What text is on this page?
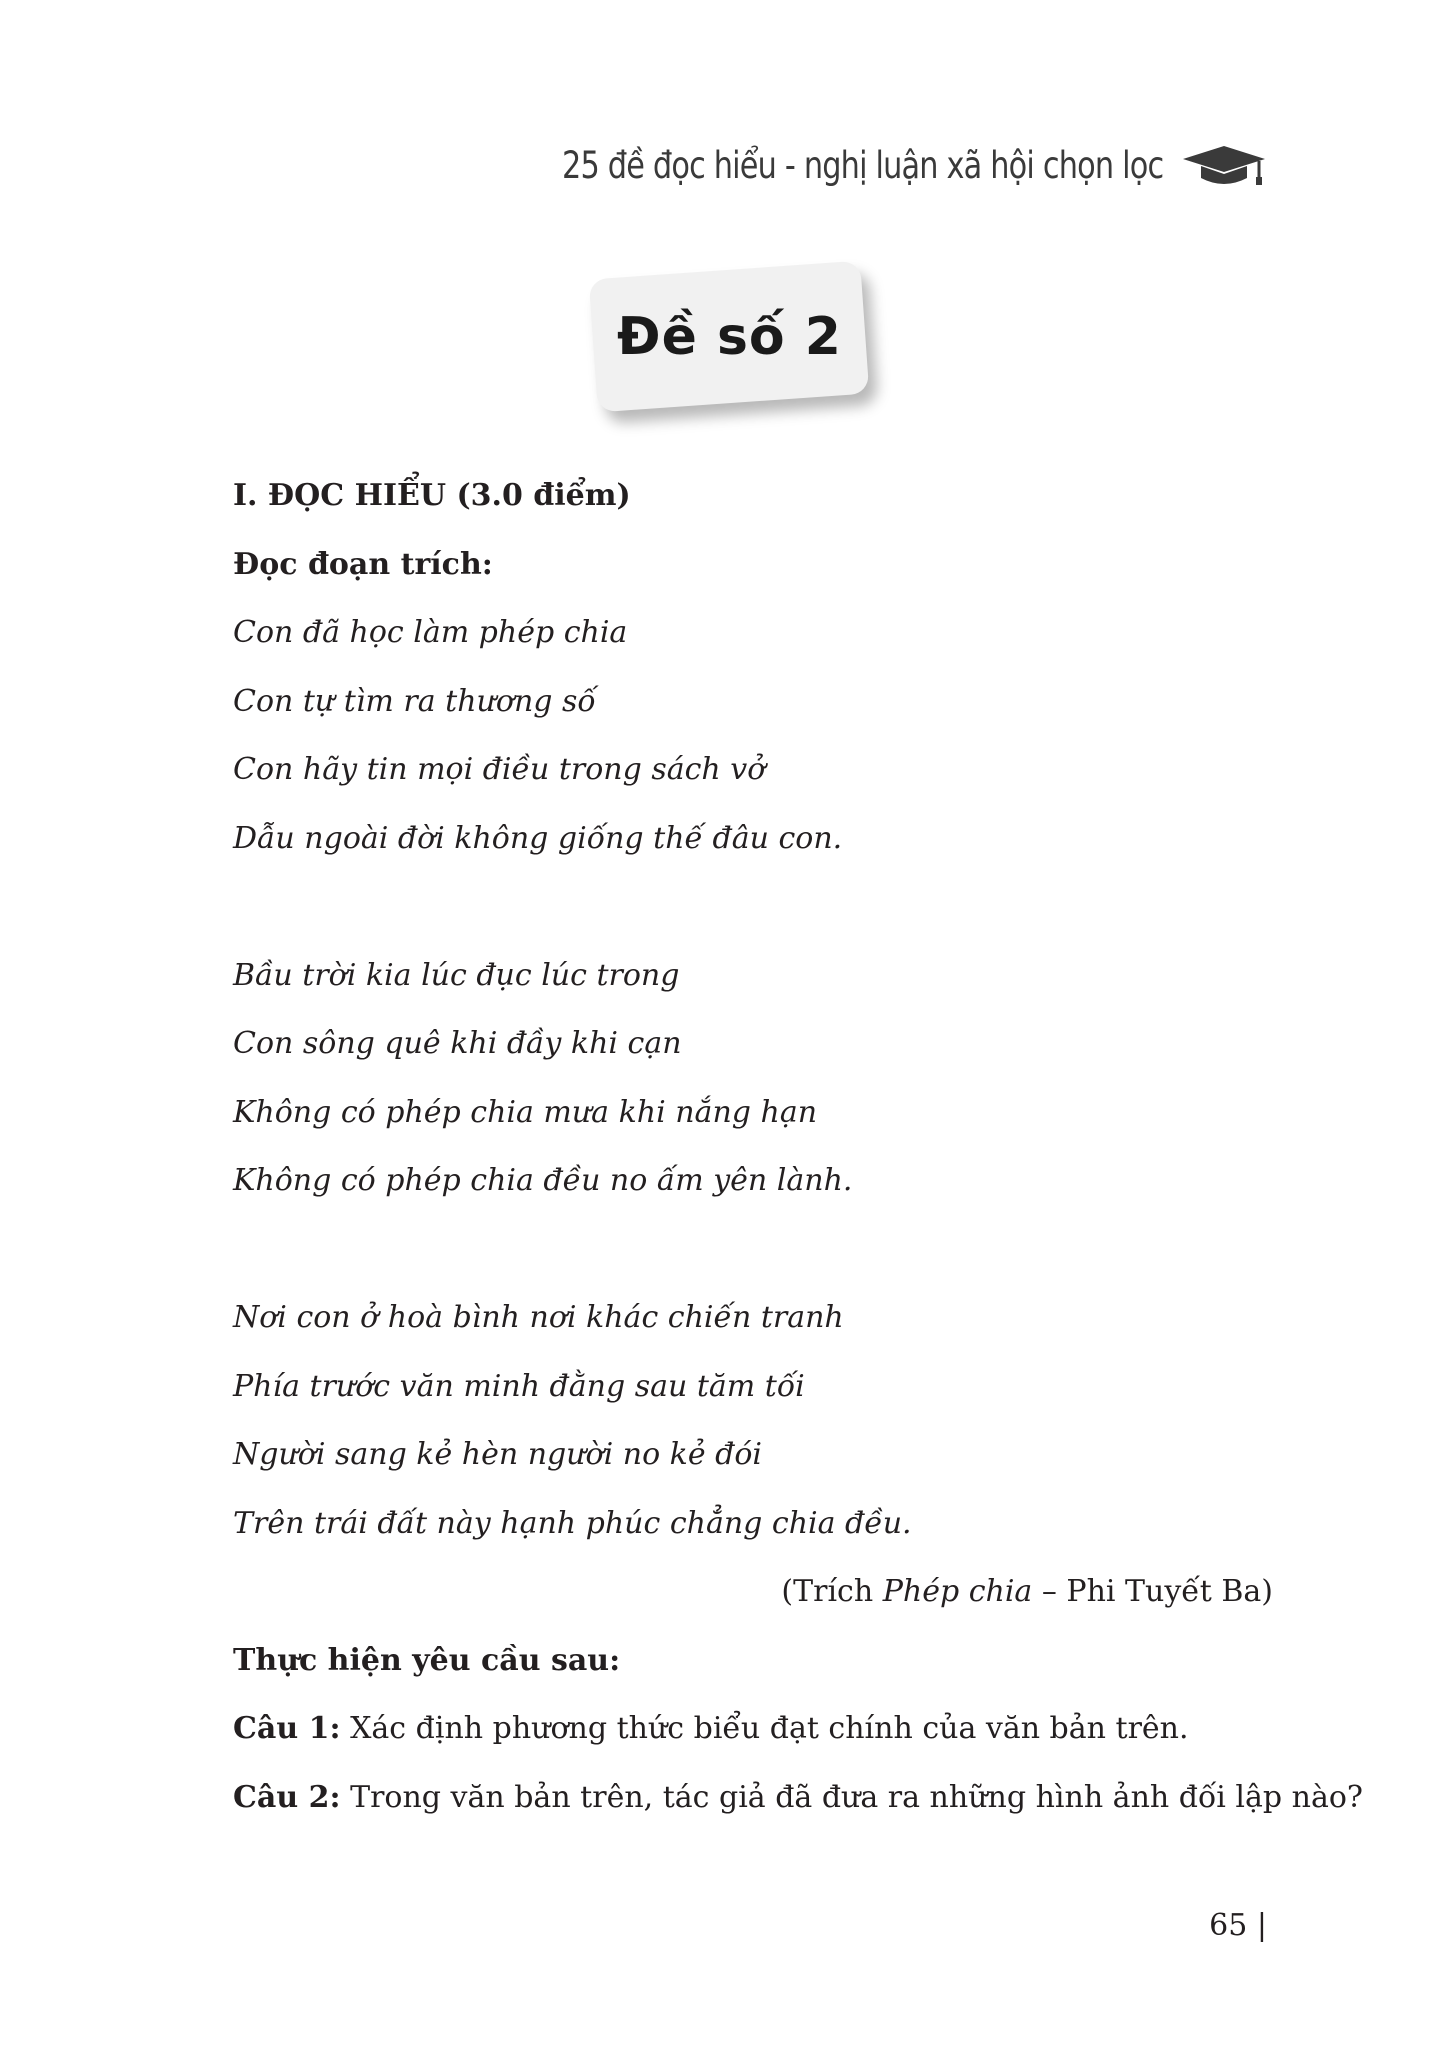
25 đề đọc hiểu - nghị luận xã hội chọn lọc
Đề số 2
I. ĐỌC HIỂU (3.0 điểm)
Đọc đoạn trích:
Con đã học làm phép chia
Con tự tìm ra thương số
Con hãy tin mọi điều trong sách vở
Dẫu ngoài đời không giống thế đâu con.
Bầu trời kia lúc đục lúc trong
Con sông quê khi đầy khi cạn
Không có phép chia mưa khi nắng hạn
Không có phép chia đều no ấm yên lành.
Nơi con ở hoà bình nơi khác chiến tranh
Phía trước văn minh đằng sau tăm tối
Người sang kẻ hèn người no kẻ đói
Trên trái đất này hạnh phúc chẳng chia đều.
(Trích Phép chia – Phi Tuyết Ba)
Thực hiện yêu cầu sau:
Câu 1: Xác định phương thức biểu đạt chính của văn bản trên.
Câu 2: Trong văn bản trên, tác giả đã đưa ra những hình ảnh đối lập nào?
65 |
